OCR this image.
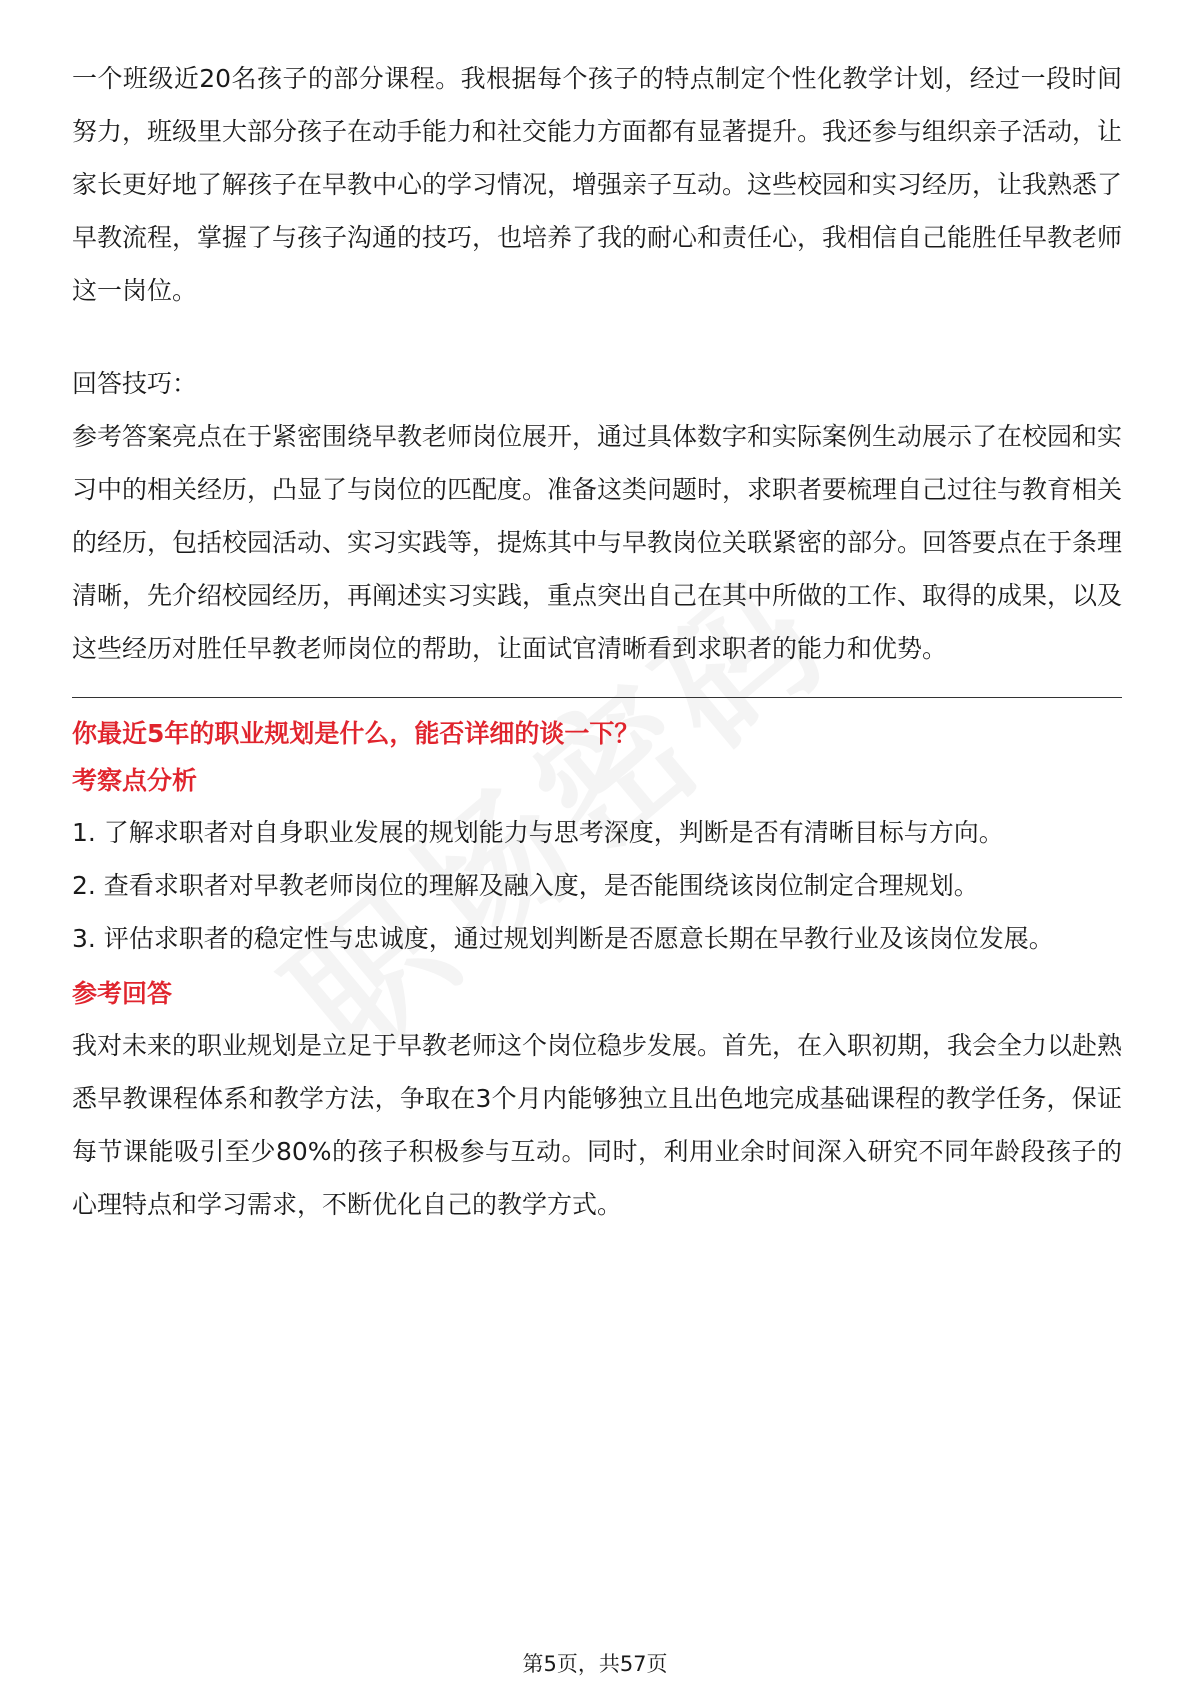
一个班级近20名孩子的部分课程。我根据每个孩子的特点制定个性化教学计划，经过一段时间努力，班级里大部分孩子在动手能力和社交能力方面都有显著提升。我还参与组织亲子活动，让家长更好地了解孩子在早教中心的学习情况，增强亲子互动。这些校园和实习经历，让我熟悉了早教流程，掌握了与孩子沟通的技巧，也培养了我的耐心和责任心，我相信自己能胜任早教老师这一岗位。

回答技巧：

参考答案亮点在于紧密围绕早教老师岗位展开，通过具体数字和实际案例生动展示了在校园和实习中的相关经历，凸显了与岗位的匹配度。准备这类问题时，求职者要梳理自己过往与教育相关的经历，包括校园活动、实习实践等，提炼其中与早教岗位关联紧密的部分。回答要点在于条理清晰，先介绍校园经历，再阐述实习实践，重点突出自己在其中所做的工作、取得的成果，以及这些经历对胜任早教老师岗位的帮助，让面试官清晰看到求职者的能力和优势。

你最近5年的职业规划是什么，能否详细的谈一下？

考察点分析

1. 了解求职者对自身职业发展的规划能力与思考深度，判断是否有清晰目标与方向。

2. 查看求职者对早教老师岗位的理解及融入度，是否能围绕该岗位制定合理规划。

3. 评估求职者的稳定性与忠诚度，通过规划判断是否愿意长期在早教行业及该岗位发展。

参考回答

我对未来的职业规划是立足于早教老师这个岗位稳步发展。首先，在入职初期，我会全力以赴熟悉早教课程体系和教学方法，争取在3个月内能够独立且出色地完成基础课程的教学任务，保证每节课能吸引至少80%的孩子积极参与互动。同时，利用业余时间深入研究不同年龄段孩子的心理特点和学习需求，不断优化自己的教学方式。

第5页，共57页
